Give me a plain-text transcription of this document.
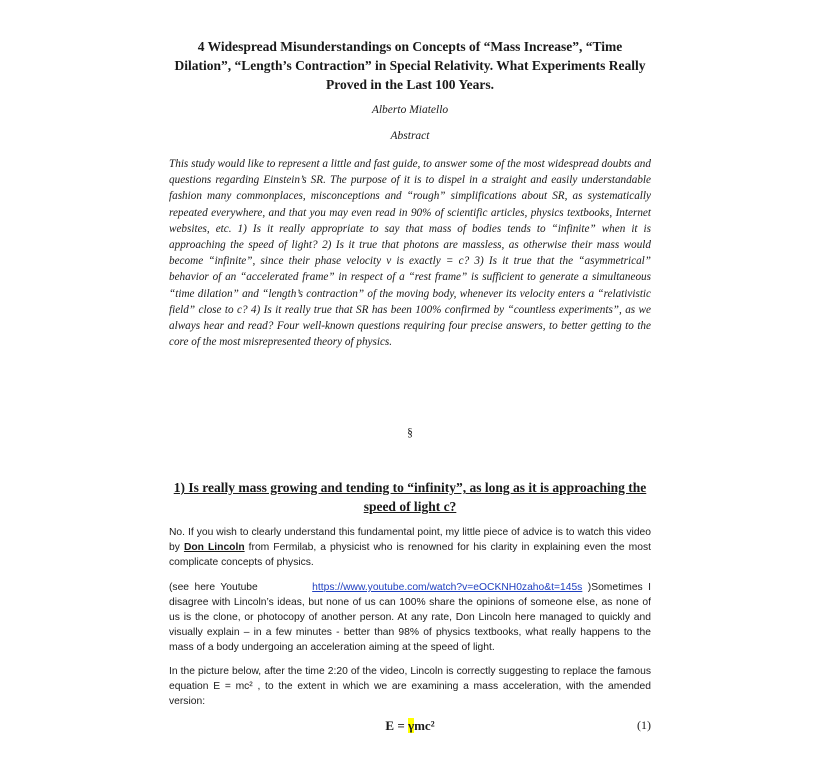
4 Widespread Misunderstandings on Concepts of “Mass Increase”, “Time Dilation”, “Length’s Contraction” in Special Relativity. What Experiments Really Proved in the Last 100 Years.
Alberto Miatello
Abstract
This study would like to represent a little and fast guide, to answer some of the most widespread doubts and questions regarding Einstein’s SR. The purpose of it is to dispel in a straight and easily understandable fashion many commonplaces, misconceptions and “rough” simplifications about SR, as systematically repeated everywhere, and that you may even read in 90% of scientific articles, physics textbooks, Internet websites, etc. 1) Is it really appropriate to say that mass of bodies tends to “infinite” when it is approaching the speed of light? 2) Is it true that photons are massless, as otherwise their mass would become “infinite”, since their phase velocity v is exactly = c? 3) Is it true that the “asymmetrical” behavior of an “accelerated frame” in respect of a “rest frame” is sufficient to generate a simultaneous “time dilation” and “length’s contraction” of the moving body, whenever its velocity enters a “relativistic field” close to c? 4) Is it really true that SR has been 100% confirmed by “countless experiments”, as we always hear and read? Four well-known questions requiring four precise answers, to better getting to the core of the most misrepresented theory of physics.
§
1) Is really mass growing and tending to “infinity”, as long as it is approaching the speed of light c?
No. If you wish to clearly understand this fundamental point, my little piece of advice is to watch this video by Don Lincoln from Fermilab, a physicist who is renowned for his clarity in explaining even the most complicate concepts of physics.
(see here Youtube          https://www.youtube.com/watch?v=eOCKNH0zaho&t=145s )Sometimes I disagree with Lincoln’s ideas, but none of us can 100% share the opinions of someone else, as none of us is the clone, or photocopy of another person. At any rate, Don Lincoln here managed to quickly and visually explain – in a few minutes - better than 98% of physics textbooks, what really happens to the mass of a body undergoing an acceleration aiming at the speed of light.
In the picture below, after the time 2:20 of the video, Lincoln is correctly suggesting to replace the famous equation E = mc² , to the extent in which we are examining a mass acceleration, with the amended version:
E = γmc²	(1)
